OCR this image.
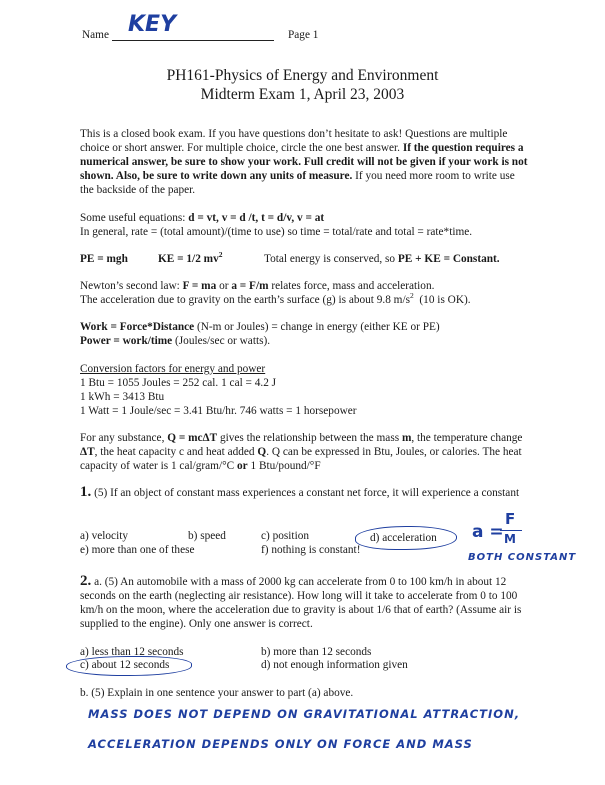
Name KEY	Page 1
PH161-Physics of Energy and Environment
Midterm Exam 1, April 23, 2003

This is a closed book exam. If you have questions don’t hesitate to ask! Questions are multiple choice or short answer. For multiple choice, circle the one best answer. If the question requires a numerical answer, be sure to show your work. Full credit will not be given if your work is not shown. Also, be sure to write down any units of measure. If you need more room to write use the backside of the paper.

Some useful equations: d = vt, v = d /t, t = d/v, v = at
In general, rate = (total amount)/(time to use) so time = total/rate and total = rate*time.

PE = mgh	KE = 1/2 $mv^2$	Total energy is conserved, so PE + KE = Constant.

Newton’s second law: F = ma or a = F/m relates force, mass and acceleration.
The acceleration due to gravity on the earth’s surface (g) is about 9.8 $m/s^2$ (10 is OK).

Work = Force*Distance (N-m or Joules) = change in energy (either KE or PE)
Power = work/time (Joules/sec or watts).

Conversion factors for energy and power
1 Btu = 1055 Joules = 252 cal. 1 cal = 4.2 J
1 kWh = 3413 Btu
1 Watt = 1 Joule/sec = 3.41 Btu/hr. 746 watts = 1 horsepower

For any substance, Q = mcΔT gives the relationship between the mass m, the temperature change ΔT, the heat capacity c and heat added Q. Q can be expressed in Btu, Joules, or calories. The heat capacity of water is 1 cal/gram/°C or 1 Btu/pound/°F

1. (5) If an object of constant mass experiences a constant net force, it will experience a constant

a) velocity	b) speed	c) position	d) acceleration
e) more than one of these	f) nothing is constant!
a =
F
M
BOTH CONSTANT

2. a. (5) An automobile with a mass of 2000 kg can accelerate from 0 to 100 km/h in about 12 seconds on the earth (neglecting air resistance). How long will it take to accelerate from 0 to 100 km/h on the moon, where the acceleration due to gravity is about 1/6 that of earth? (Assume air is supplied to the engine). Only one answer is correct.

a) less than 12 seconds	b) more than 12 seconds
c) about 12 seconds	d) not enough information given
b. (5) Explain in one sentence your answer to part (a) above.
MASS DOES NOT DEPEND ON GRAVITATIONAL ATTRACTION,
ACCELERATION DEPENDS ONLY ON FORCE AND MASS
